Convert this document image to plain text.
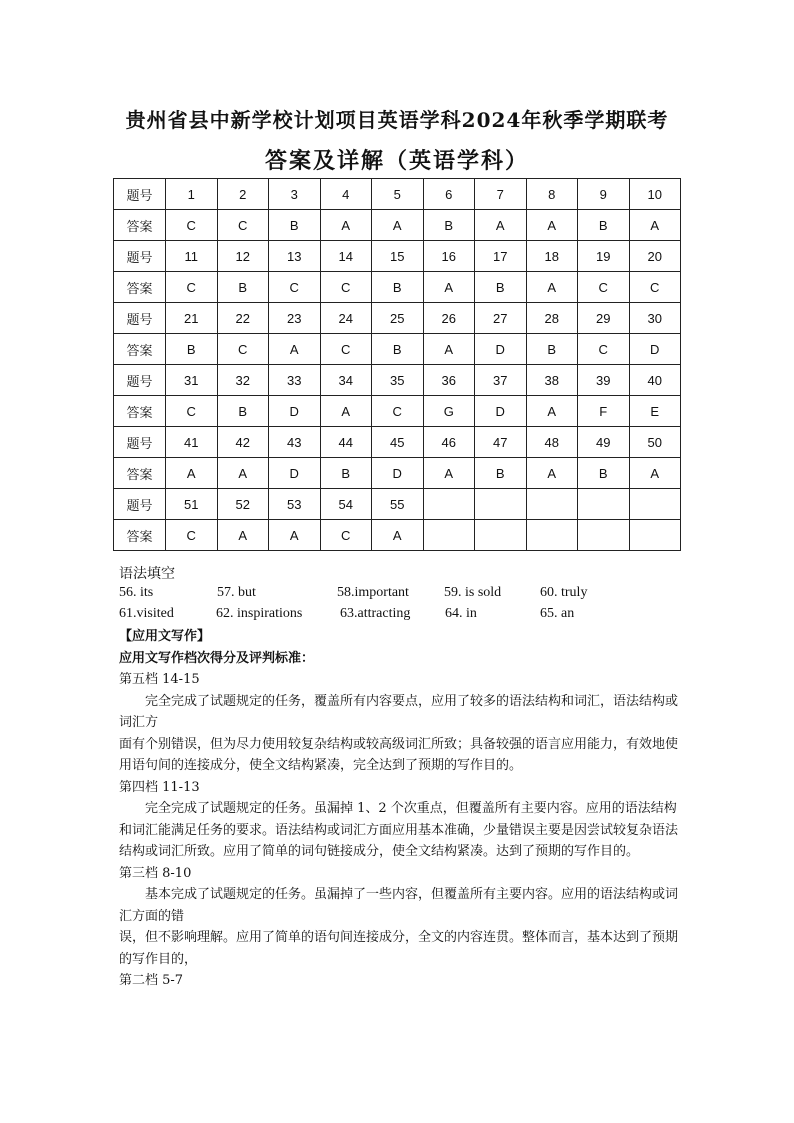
贵州省县中新学校计划项目英语学科2024年秋季学期联考
答案及详解（英语学科）
题号	1	2	3	4	5	6	7	8	9	10
答案	C	C	B	A	A	B	A	A	B	A
题号	11	12	13	14	15	16	17	18	19	20
答案	C	B	C	C	B	A	B	A	C	C
题号	21	22	23	24	25	26	27	28	29	30
答案	B	C	A	C	B	A	D	B	C	D
题号	31	32	33	34	35	36	37	38	39	40
答案	C	B	D	A	C	G	D	A	F	E
题号	41	42	43	44	45	46	47	48	49	50
答案	A	A	D	B	D	A	B	A	B	A
题号	51	52	53	54	55					
答案	C	A	A	C	A					
语法填空
56. its	57. but	58.important	59. is sold	60. truly
61.visited	62. inspirations	63.attracting 64. in	65. an

【应用文写作】

应用文写作档次得分及评判标准：

第五档 14-15

完全完成了试题规定的任务，覆盖所有内容要点，应用了较多的语法结构和词汇，语法结构或词汇方

面有个别错误，但为尽力使用较复杂结构或较高级词汇所致；具备较强的语言应用能力，有效地使用语句间的连接成分，使全文结构紧凑，完全达到了预期的写作目的。

第四档 11-13

完全完成了试题规定的任务。虽漏掉 1、2 个次重点，但覆盖所有主要内容。应用的语法结构和词汇能满足任务的要求。语法结构或词汇方面应用基本准确，少量错误主要是因尝试较复杂语法结构或词汇所致。应用了简单的词句链接成分，使全文结构紧凑。达到了预期的写作目的。

第三档 8-10

基本完成了试题规定的任务。虽漏掉了一些内容，但覆盖所有主要内容。应用的语法结构或词汇方面的错

误，但不影响理解。应用了简单的语句间连接成分，全文的内容连贯。整体而言，基本达到了预期的写作目的，

第二档 5-7
